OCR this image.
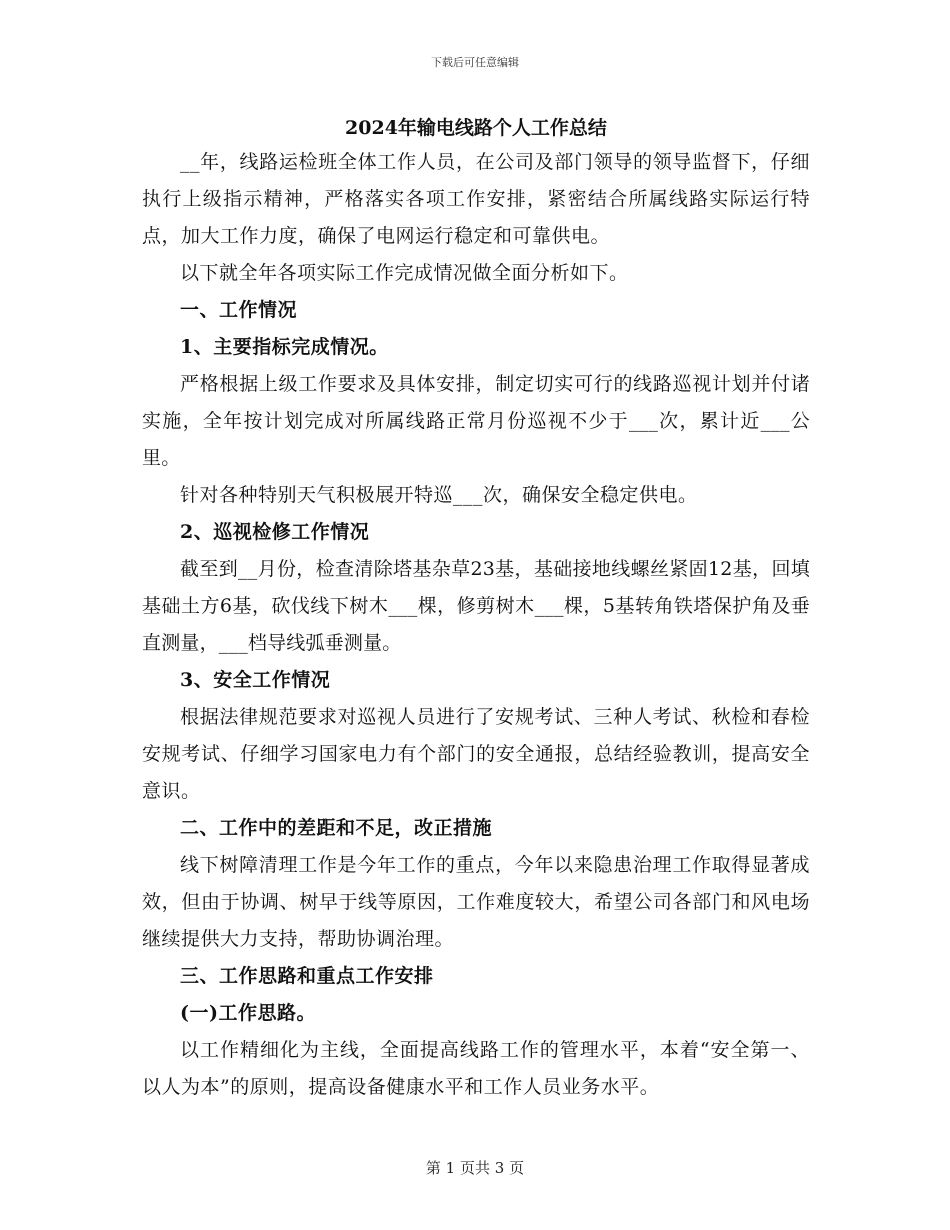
下载后可任意编辑
2024年输电线路个人工作总结

__年，线路运检班全体工作人员，在公司及部门领导的领导监督下，仔细执行上级指示精神，严格落实各项工作安排，紧密结合所属线路实际运行特点，加大工作力度，确保了电网运行稳定和可靠供电。

以下就全年各项实际工作完成情况做全面分析如下。

一、工作情况

1、主要指标完成情况。

严格根据上级工作要求及具体安排，制定切实可行的线路巡视计划并付诸实施，全年按计划完成对所属线路正常月份巡视不少于___次，累计近___公里。

针对各种特别天气积极展开特巡___次，确保安全稳定供电。

2、巡视检修工作情况

截至到__月份，检查清除塔基杂草23基，基础接地线螺丝紧固12基，回填基础土方6基，砍伐线下树木___棵，修剪树木___棵，5基转角铁塔保护角及垂直测量，___档导线弧垂测量。

3、安全工作情况

根据法律规范要求对巡视人员进行了安规考试、三种人考试、秋检和春检安规考试、仔细学习国家电力有个部门的安全通报，总结经验教训，提高安全意识。

二、工作中的差距和不足，改正措施

线下树障清理工作是今年工作的重点，今年以来隐患治理工作取得显著成效，但由于协调、树早于线等原因，工作难度较大，希望公司各部门和风电场继续提供大力支持，帮助协调治理。

三、工作思路和重点工作安排

(一)工作思路。

以工作精细化为主线，全面提高线路工作的管理水平，本着“安全第一、以人为本”的原则，提高设备健康水平和工作人员业务水平。

第 1 页共 3 页
